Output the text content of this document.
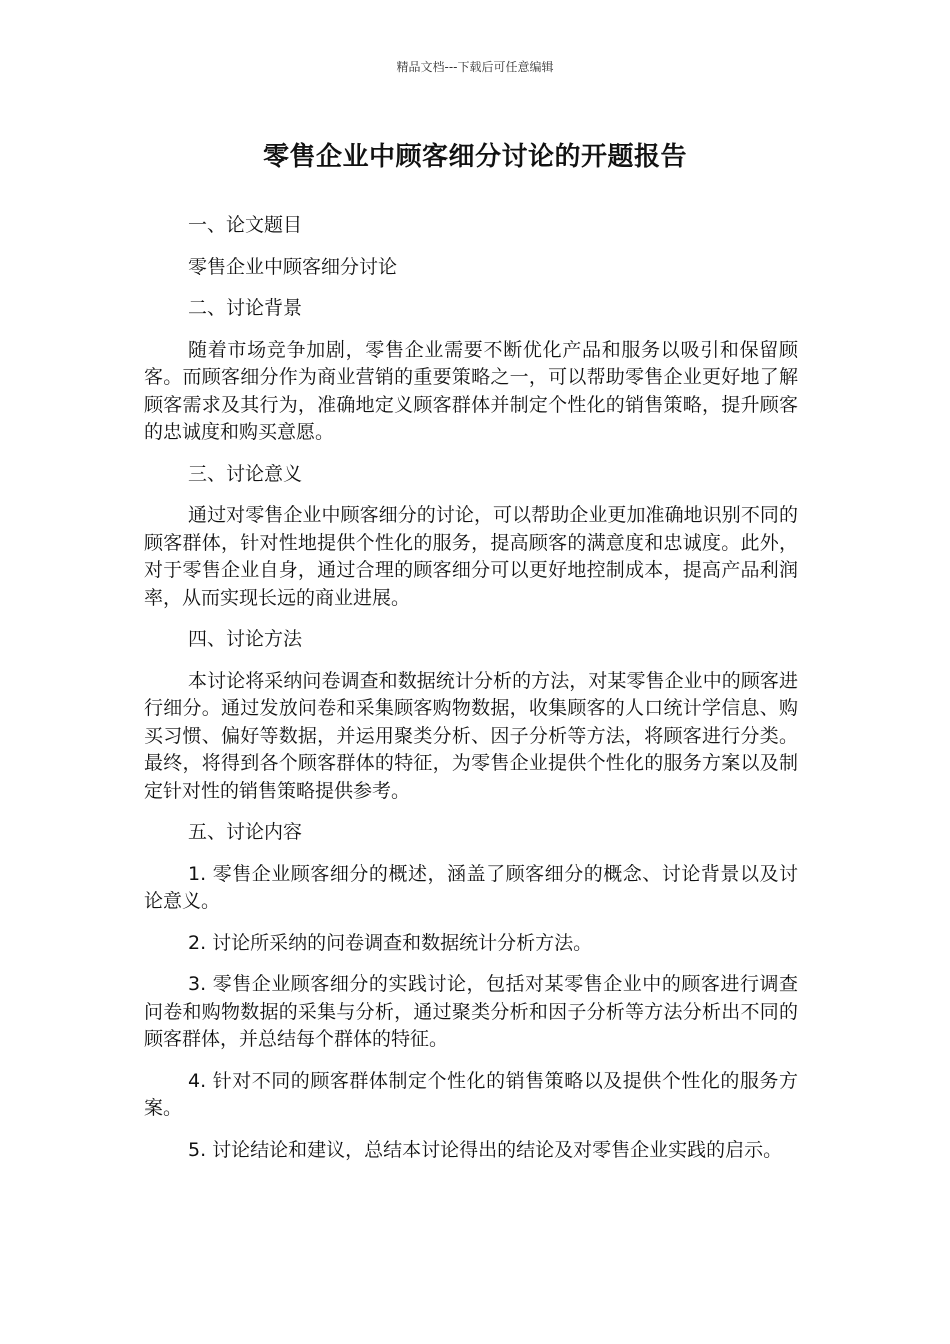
精品文档---下载后可任意编辑
零售企业中顾客细分讨论的开题报告

一、论文题目

零售企业中顾客细分讨论

二、讨论背景

随着市场竞争加剧，零售企业需要不断优化产品和服务以吸引和保留顾客。而顾客细分作为商业营销的重要策略之一，可以帮助零售企业更好地了解顾客需求及其行为，准确地定义顾客群体并制定个性化的销售策略，提升顾客的忠诚度和购买意愿。

三、讨论意义

通过对零售企业中顾客细分的讨论，可以帮助企业更加准确地识别不同的顾客群体，针对性地提供个性化的服务，提高顾客的满意度和忠诚度。此外，对于零售企业自身，通过合理的顾客细分可以更好地控制成本，提高产品利润率，从而实现长远的商业进展。

四、讨论方法

本讨论将采纳问卷调查和数据统计分析的方法，对某零售企业中的顾客进行细分。通过发放问卷和采集顾客购物数据，收集顾客的人口统计学信息、购买习惯、偏好等数据，并运用聚类分析、因子分析等方法，将顾客进行分类。最终，将得到各个顾客群体的特征，为零售企业提供个性化的服务方案以及制定针对性的销售策略提供参考。

五、讨论内容

1. 零售企业顾客细分的概述，涵盖了顾客细分的概念、讨论背景以及讨论意义。

2. 讨论所采纳的问卷调查和数据统计分析方法。

3. 零售企业顾客细分的实践讨论，包括对某零售企业中的顾客进行调查问卷和购物数据的采集与分析，通过聚类分析和因子分析等方法分析出不同的顾客群体，并总结每个群体的特征。

4. 针对不同的顾客群体制定个性化的销售策略以及提供个性化的服务方案。

5. 讨论结论和建议，总结本讨论得出的结论及对零售企业实践的启示。
